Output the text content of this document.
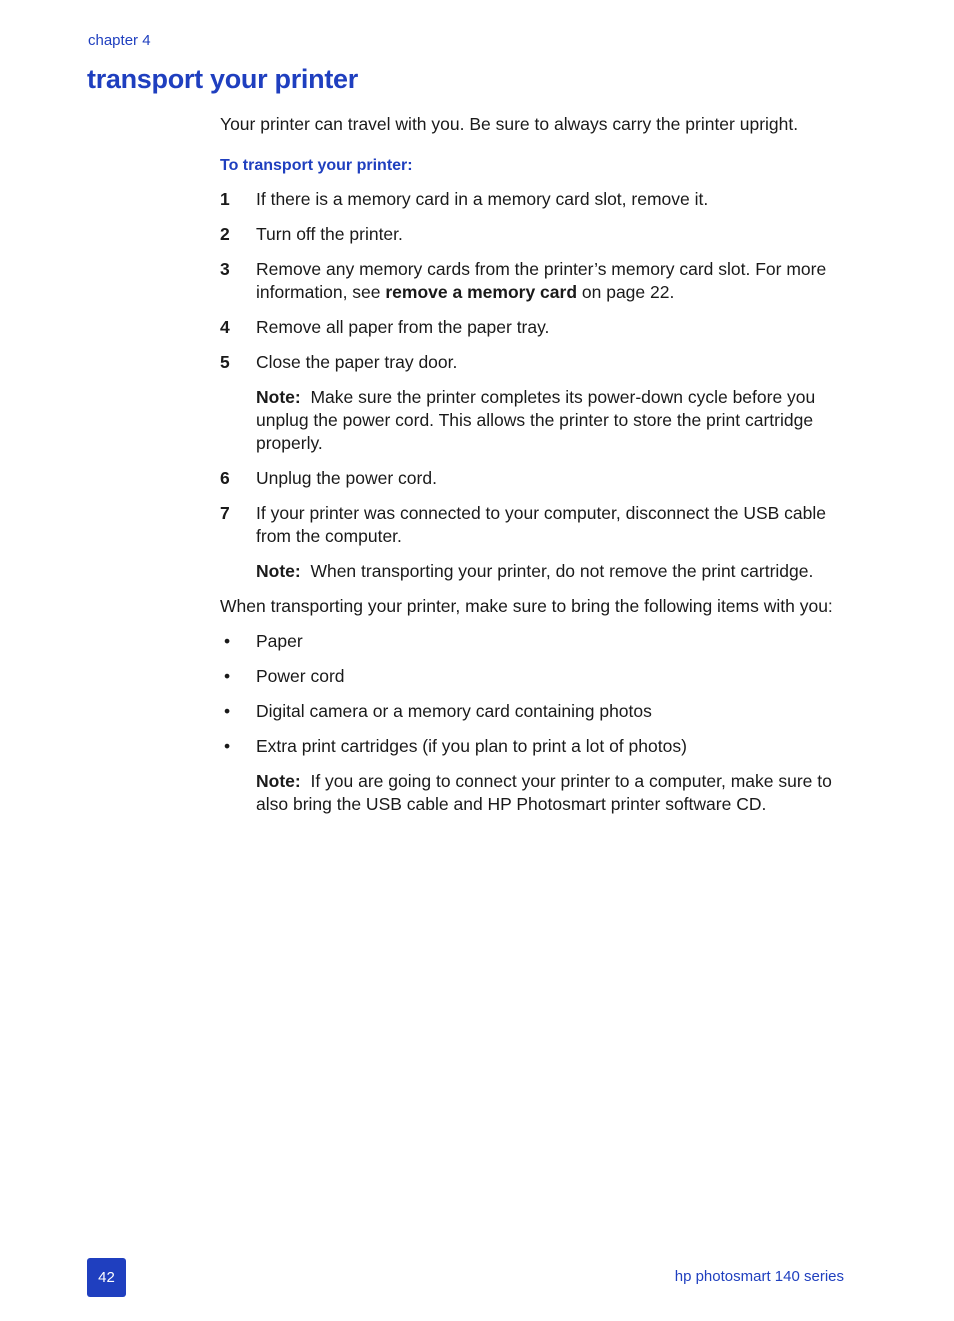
chapter 4
transport your printer

Your printer can travel with you. Be sure to always carry the printer upright.

To transport your printer:

1 If there is a memory card in a memory card slot, remove it.
2 Turn off the printer.
3 Remove any memory cards from the printer’s memory card slot. For more information, see remove a memory card on page 22.
4 Remove all paper from the paper tray.
5 Close the paper tray door.

Note: Make sure the printer completes its power-down cycle before you unplug the power cord. This allows the printer to store the print cartridge properly.

6 Unplug the power cord.
7 If your printer was connected to your computer, disconnect the USB cable from the computer.

Note: When transporting your printer, do not remove the print cartridge.

When transporting your printer, make sure to bring the following items with you:

• Paper
• Power cord
• Digital camera or a memory card containing photos
• Extra print cartridges (if you plan to print a lot of photos)

Note: If you are going to connect your printer to a computer, make sure to also bring the USB cable and HP Photosmart printer software CD.

42	hp photosmart 140 series
